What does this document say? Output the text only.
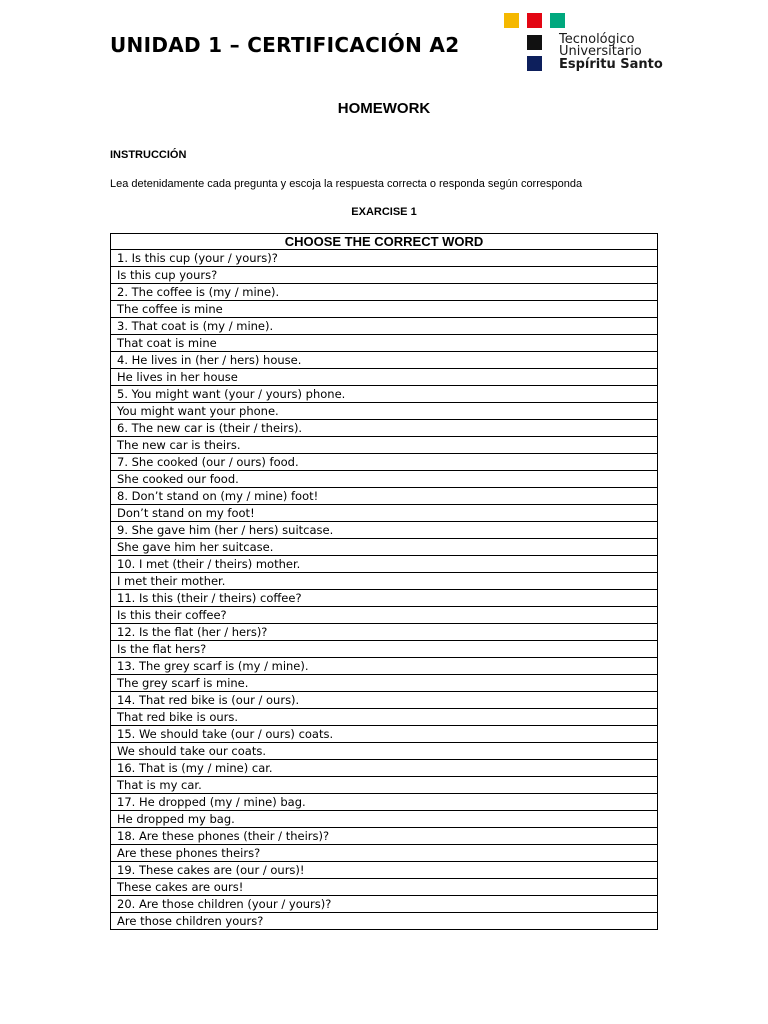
UNIDAD 1 – CERTIFICACIÓN A2	Tecnológico
Universitario
Espíritu Santo
HOMEWORK
INSTRUCCIÓN
Lea detenidamente cada pregunta y escoja la respuesta correcta o responda según corresponda
EXARCISE 1
CHOOSE THE CORRECT WORD
1. Is this cup (your / yours)?
Is this cup yours?
2. The coffee is (my / mine).
The coffee is mine
3. That coat is (my / mine).
That coat is mine
4. He lives in (her / hers) house.
He lives in her house
5. You might want (your / yours) phone.
You might want your phone.
6. The new car is (their / theirs).
The new car is theirs.
7. She cooked (our / ours) food.
She cooked our food.
8. Don’t stand on (my / mine) foot!
Don’t stand on my foot!
9. She gave him (her / hers) suitcase.
She gave him her suitcase.
10. I met (their / theirs) mother.
I met their mother.
11. Is this (their / theirs) coffee?
Is this their coffee?
12. Is the flat (her / hers)?
Is the flat hers?
13. The grey scarf is (my / mine).
The grey scarf is mine.
14. That red bike is (our / ours).
That red bike is ours.
15. We should take (our / ours) coats.
We should take our coats.
16. That is (my / mine) car.
That is my car.
17. He dropped (my / mine) bag.
He dropped my bag.
18. Are these phones (their / theirs)?
Are these phones theirs?
19. These cakes are (our / ours)!
These cakes are ours!
20. Are those children (your / yours)?
Are those children yours?
